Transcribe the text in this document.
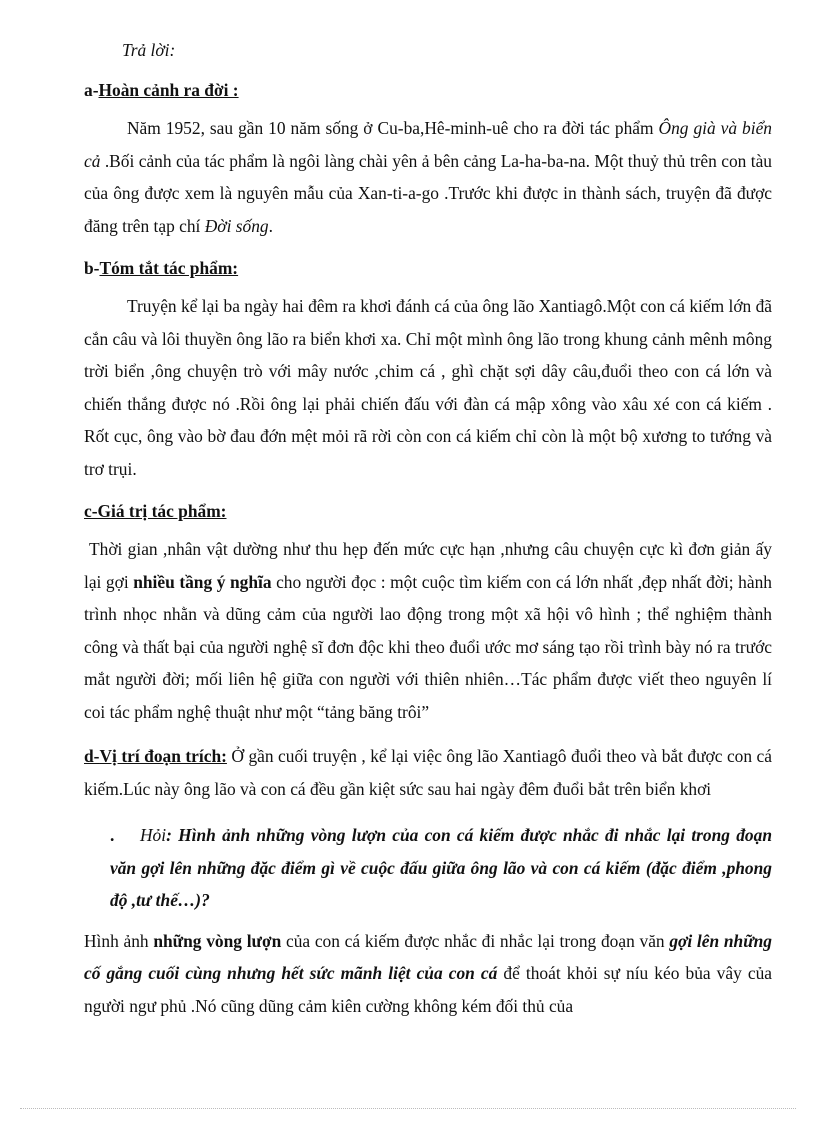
Trả lời:
a-Hoàn cảnh ra đời :

Năm 1952, sau gần 10 năm sống ở Cu-ba,Hê-minh-uê cho ra đời tác phẩm Ông già và biển cả .Bối cảnh của tác phẩm là ngôi làng chài yên ả bên cảng La-ha-ba-na. Một thuỷ thủ trên con tàu của ông được xem là nguyên mẫu của Xan-ti-a-go .Trước khi được in thành sách, truyện đã được đăng trên tạp chí Đời sống.

b-Tóm tắt tác phẩm:

Truyện kể lại ba ngày hai đêm ra khơi đánh cá của ông lão Xantiagô.Một con cá kiếm lớn đã cắn câu và lôi thuyền ông lão ra biển khơi xa. Chỉ một mình ông lão trong khung cảnh mênh mông trời biển ,ông chuyện trò với mây nước ,chim cá , ghì chặt sợi dây câu,đuổi theo con cá lớn và chiến thắng được nó .Rồi ông lại phải chiến đấu với đàn cá mập xông vào xâu xé con cá kiếm . Rốt cục, ông vào bờ đau đớn mệt mỏi rã rời còn con cá kiếm chỉ còn là một bộ xương to tướng và trơ trụi.

c-Giá trị tác phẩm:

Thời gian ,nhân vật dường như thu hẹp đến mức cực hạn ,nhưng câu chuyện cực kì đơn giản ấy lại gợi nhiều tầng ý nghĩa cho người đọc : một cuộc tìm kiếm con cá lớn nhất ,đẹp nhất đời; hành trình nhọc nhằn và dũng cảm của người lao động trong một xã hội vô hình ; thể nghiệm thành công và thất bại của người nghệ sĩ đơn độc khi theo đuổi ước mơ sáng tạo rồi trình bày nó ra trước mắt người đời; mối liên hệ giữa con người với thiên nhiên…Tác phẩm được viết theo nguyên lí coi tác phẩm nghệ thuật như một “tảng băng trôi”

d-Vị trí đoạn trích: Ở gần cuối truyện , kể lại việc ông lão Xantiagô đuổi theo và bắt được con cá kiếm.Lúc này ông lão và con cá đều gần kiệt sức sau hai ngày đêm đuổi bắt trên biển khơi

. Hỏi: Hình ảnh những vòng lượn của con cá kiếm được nhắc đi nhắc lại trong đoạn văn gợi lên những đặc điểm gì về cuộc đấu giữa ông lão và con cá kiếm (đặc điểm ,phong độ ,tư thế…)?

Hình ảnh những vòng lượn của con cá kiếm được nhắc đi nhắc lại trong đoạn văn gợi lên những cố gắng cuối cùng nhưng hết sức mãnh liệt của con cá để thoát khỏi sự níu kéo bủa vây của người ngư phủ .Nó cũng dũng cảm kiên cường không kém đối thủ của
